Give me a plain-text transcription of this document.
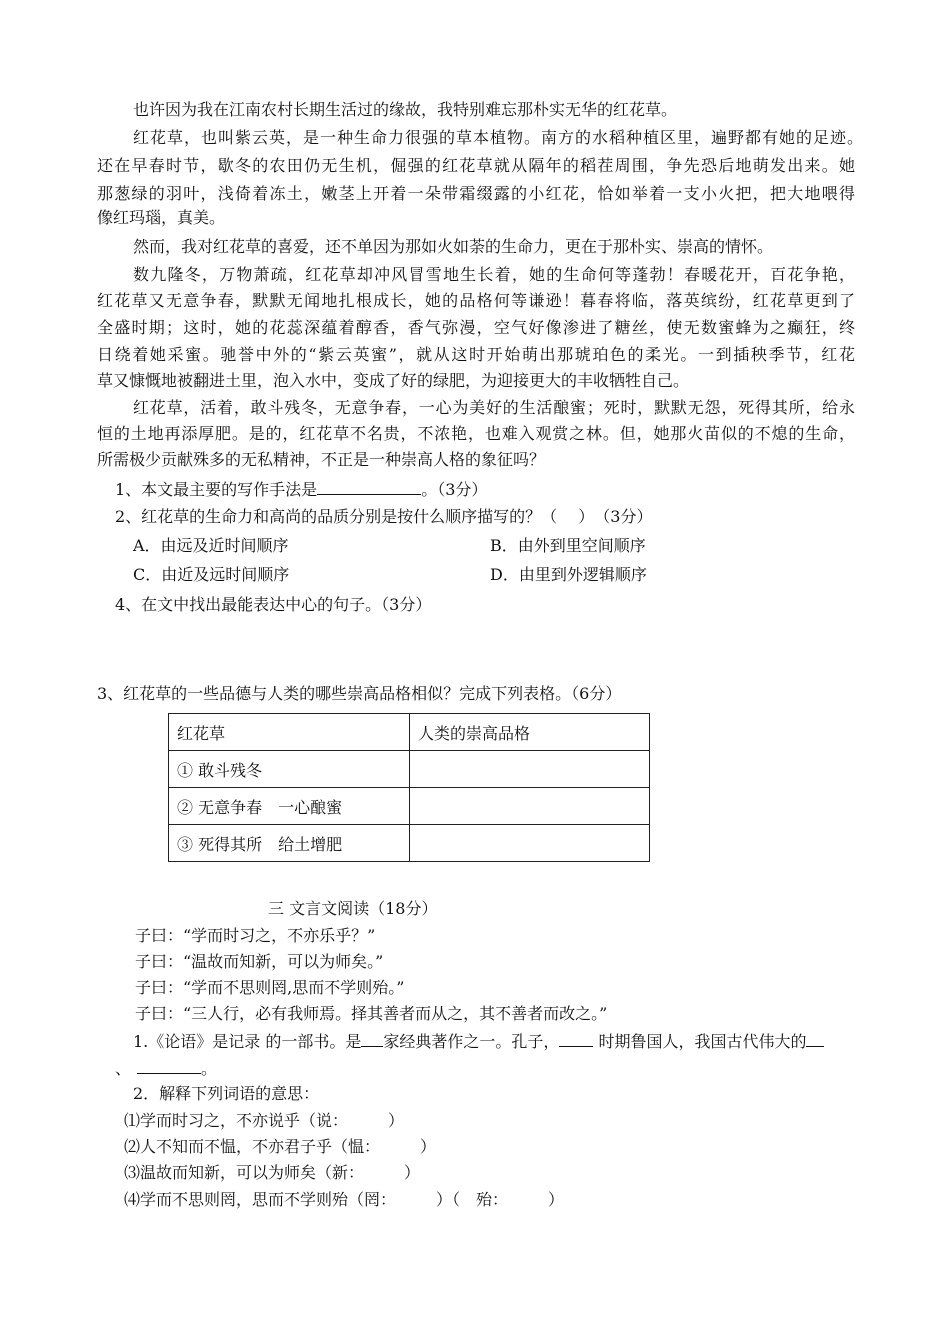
也许因为我在江南农村长期生活过的缘故，我特别难忘那朴实无华的红花草。
红花草，也叫紫云英，是一种生命力很强的草本植物。南方的水稻种植区里，遍野都有她的足迹。
还在早春时节，歇冬的农田仍无生机，倔强的红花草就从隔年的稻茬周围，争先恐后地萌发出来。她
那葱绿的羽叶，浅倚着冻土，嫩茎上开着一朵带霜缀露的小红花，恰如举着一支小火把，把大地喂得
像红玛瑙，真美。
然而，我对红花草的喜爱，还不单因为那如火如荼的生命力，更在于那朴实、崇高的情怀。
数九隆冬，万物萧疏，红花草却冲风冒雪地生长着，她的生命何等蓬勃！春暖花开，百花争艳，
红花草又无意争春，默默无闻地扎根成长，她的品格何等谦逊！暮春将临，落英缤纷，红花草更到了
全盛时期；这时，她的花蕊深蕴着醇香，香气弥漫，空气好像渗进了糖丝，使无数蜜蜂为之癫狂，终
日绕着她采蜜。驰誉中外的“紫云英蜜”，就从这时开始萌出那琥珀色的柔光。一到插秧季节，红花
草又慷慨地被翻进土里，泡入水中，变成了好的绿肥，为迎接更大的丰收牺牲自己。
红花草，活着，敢斗残冬，无意争春，一心为美好的生活酿蜜；死时，默默无怨，死得其所，给永
恒的土地再添厚肥。是的，红花草不名贵，不浓艳，也难入观赏之林。但，她那火苗似的不熄的生命，
所需极少贡献殊多的无私精神，不正是一种崇高人格的象征吗？
1、本文最主要的写作手法是	。（3分）
2、红花草的生命力和高尚的品质分别是按什么顺序描写的？（　 ）　（3分）
A．由远及近时间顺序	B．由外到里空间顺序
C．由近及远时间顺序	D．由里到外逻辑顺序
4、在文中找出最能表达中心的句子。（3分）
3、红花草的一些品德与人类的哪些崇高品格相似？完成下列表格。（6分）
红花草	人类的崇高品格
① 敢斗残冬	
② 无意争春　一心酿蜜	
③ 死得其所　给土增肥	
三 文言文阅读（18分）
子曰：“学而时习之，不亦乐乎？”
子曰：“温故而知新，可以为师矣。”
子曰：“学而不思则罔,思而不学则殆。”
子曰：“三人行，必有我师焉。择其善者而从之，其不善者而改之。”
1.《论语》是记录 的一部书。是 家经典著作之一。孔子， 时期鲁国人，我国古代伟大的
、	。
2．解释下列词语的意思：
⑴学而时习之，不亦说乎（说：　　　）
⑵人不知而不愠，不亦君子乎（愠：　　　）
⑶温故而知新，可以为师矣（新：　　　）
⑷学而不思则罔，思而不学则殆（罔：　　　）（　殆：　　　）
